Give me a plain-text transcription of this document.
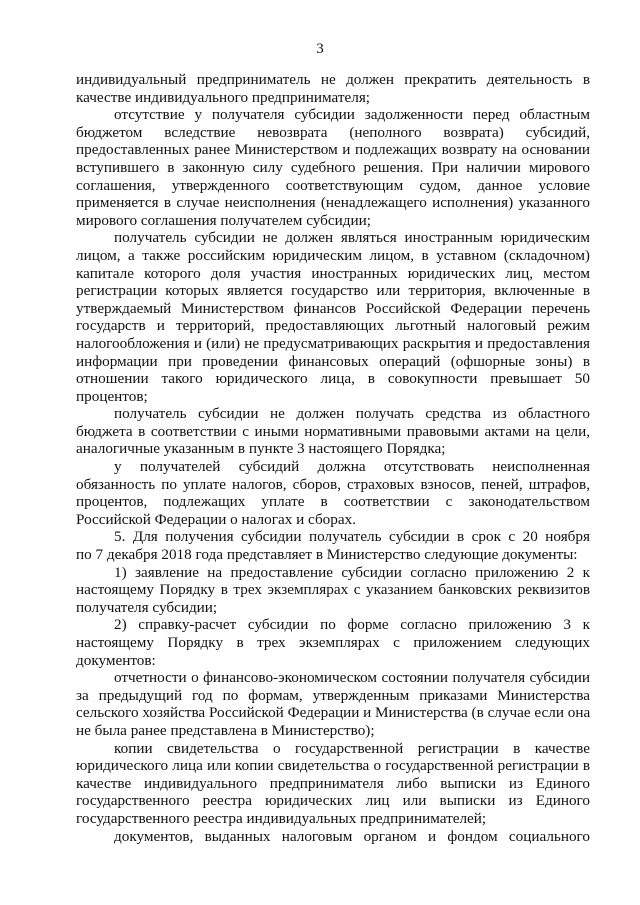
3
индивидуальный предприниматель не должен прекратить деятельность в
качестве индивидуального предпринимателя;
отсутствие у получателя субсидии задолженности перед областным
бюджетом вследствие невозврата (неполного возврата) субсидий,
предоставленных ранее Министерством и подлежащих возврату на основании
вступившего в законную силу судебного решения. При наличии мирового
соглашения, утвержденного соответствующим судом, данное условие
применяется в случае неисполнения (ненадлежащего исполнения) указанного
мирового соглашения получателем субсидии;
получатель субсидии не должен являться иностранным юридическим
лицом, а также российским юридическим лицом, в уставном (складочном)
капитале которого доля участия иностранных юридических лиц, местом
регистрации которых является государство или территория, включенные в
утверждаемый Министерством финансов Российской Федерации перечень
государств и территорий, предоставляющих льготный налоговый режим
налогообложения и (или) не предусматривающих раскрытия и предоставления
информации при проведении финансовых операций (офшорные зоны) в
отношении такого юридического лица, в совокупности превышает 50
процентов;
получатель субсидии не должен получать средства из областного
бюджета в соответствии с иными нормативными правовыми актами на цели,
аналогичные указанным в пункте 3 настоящего Порядка;
у получателей субсидий должна отсутствовать неисполненная
обязанность по уплате налогов, сборов, страховых взносов, пеней, штрафов,
процентов, подлежащих уплате в соответствии с законодательством
Российской Федерации о налогах и сборах.
5. Для получения субсидии получатель субсидии в срок с 20 ноября
по 7 декабря 2018 года представляет в Министерство следующие документы:
1) заявление на предоставление субсидии согласно приложению 2 к
настоящему Порядку в трех экземплярах с указанием банковских реквизитов
получателя субсидии;
2) справку-расчет субсидии по форме согласно приложению 3 к
настоящему Порядку в трех экземплярах с приложением следующих
документов:
отчетности о финансово-экономическом состоянии получателя субсидии
за предыдущий год по формам, утвержденным приказами Министерства
сельского хозяйства Российской Федерации и Министерства (в случае если она
не была ранее представлена в Министерство);
копии свидетельства о государственной регистрации в качестве
юридического лица или копии свидетельства о государственной регистрации в
качестве индивидуального предпринимателя либо выписки из Единого
государственного реестра юридических лиц или выписки из Единого
государственного реестра индивидуальных предпринимателей;
документов, выданных налоговым органом и фондом социального
